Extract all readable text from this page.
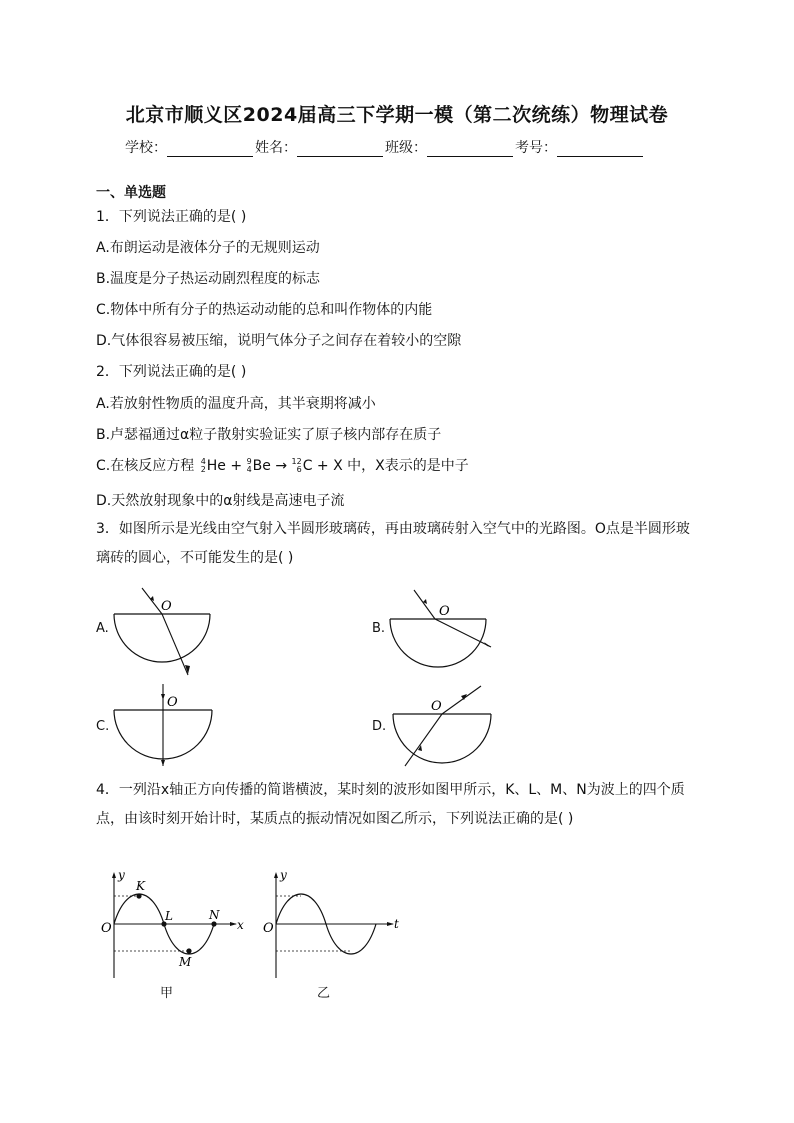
北京市顺义区2024届高三下学期一模（第二次统练）物理试卷
学校：	姓名：	班级：	考号：
一、单选题
1．下列说法正确的是( )
A.布朗运动是液体分子的无规则运动
B.温度是分子热运动剧烈程度的标志
C.物体中所有分子的热运动动能的总和叫作物体的内能
D.气体很容易被压缩，说明气体分子之间存在着较小的空隙
2．下列说法正确的是( )
A.若放射性物质的温度升高，其半衰期将减小
B.卢瑟福通过α粒子散射实验证实了原子核内部存在质子
C.在核反应方程 4
2 He + 9
4 Be → 12
6 C + X 中，X表示的是中子
D.天然放射现象中的α射线是高速电子流
3．如图所示是光线由空气射入半圆形玻璃砖，再由玻璃砖射入空气中的光路图。O点是半圆形玻璃砖的圆心，不可能发生的是( )
A.
O
B.
O
C.
O
D.
O
4．一列沿x轴正方向传播的简谐横波，某时刻的波形如图甲所示，K、L、M、N为波上的四个质点，由该时刻开始计时，某质点的振动情况如图乙所示，下列说法正确的是( )
y
x
O
K
L
M
N
甲
y
t
O
乙
